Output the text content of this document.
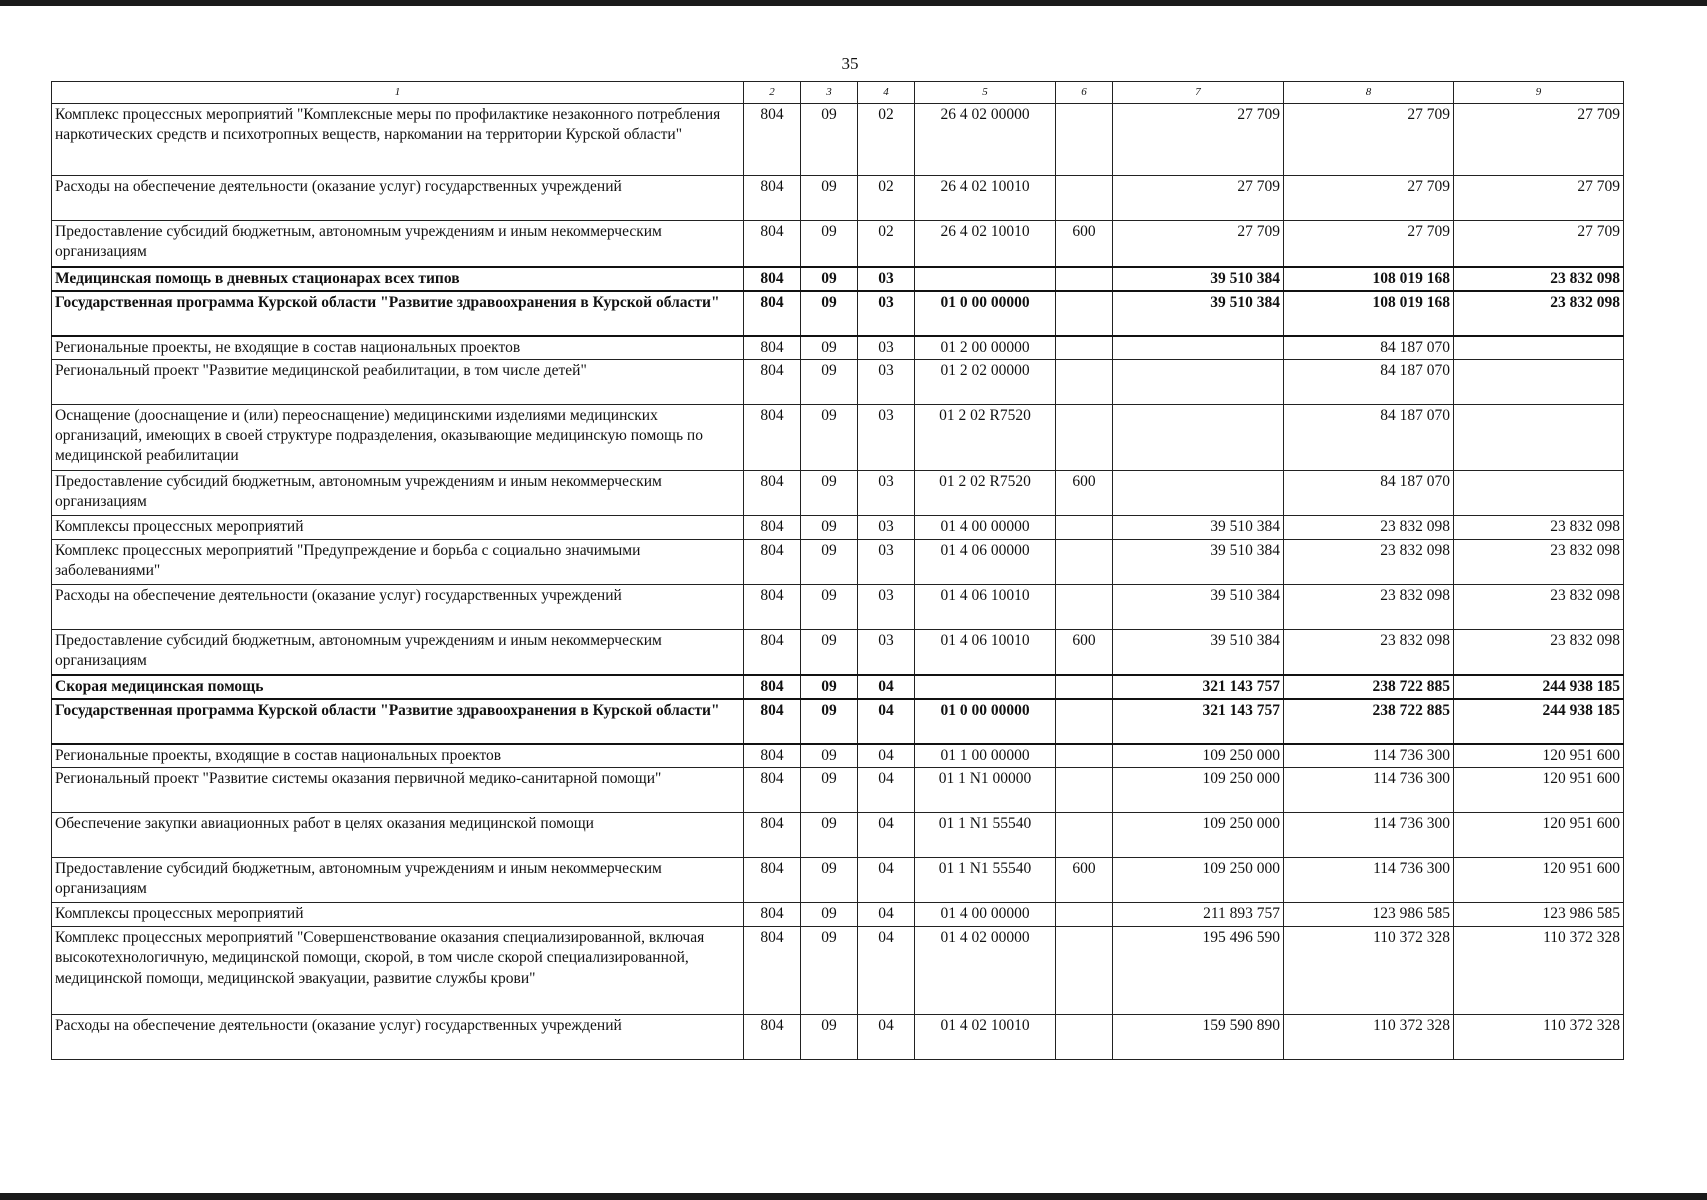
35
1	2	3	4	5	6	7	8	9
Комплекс процессных мероприятий "Комплексные меры по профилактике незаконного потребления наркотических средств и психотропных веществ, наркомании на территории Курской области"	804	09	02	26 4 02 00000		27 709	27 709	27 709
Расходы на обеспечение деятельности (оказание услуг) государственных учреждений	804	09	02	26 4 02 10010		27 709	27 709	27 709
Предоставление субсидий бюджетным, автономным учреждениям и иным некоммерческим организациям	804	09	02	26 4 02 10010	600	27 709	27 709	27 709
Медицинская помощь в дневных стационарах всех типов	804	09	03			39 510 384	108 019 168	23 832 098
Государственная программа Курской области "Развитие здравоохранения в Курской области"	804	09	03	01 0 00 00000		39 510 384	108 019 168	23 832 098
Региональные проекты, не входящие в состав национальных проектов	804	09	03	01 2 00 00000			84 187 070	
Региональный проект "Развитие медицинской реабилитации, в том числе детей"	804	09	03	01 2 02 00000			84 187 070	
Оснащение (дооснащение и (или) переоснащение) медицинскими изделиями медицинских организаций, имеющих в своей структуре подразделения, оказывающие медицинскую помощь по медицинской реабилитации	804	09	03	01 2 02 R7520			84 187 070	
Предоставление субсидий бюджетным, автономным учреждениям и иным некоммерческим организациям	804	09	03	01 2 02 R7520	600		84 187 070	
Комплексы процессных мероприятий	804	09	03	01 4 00 00000		39 510 384	23 832 098	23 832 098
Комплекс процессных мероприятий "Предупреждение и борьба с социально значимыми заболеваниями"	804	09	03	01 4 06 00000		39 510 384	23 832 098	23 832 098
Расходы на обеспечение деятельности (оказание услуг) государственных учреждений	804	09	03	01 4 06 10010		39 510 384	23 832 098	23 832 098
Предоставление субсидий бюджетным, автономным учреждениям и иным некоммерческим организациям	804	09	03	01 4 06 10010	600	39 510 384	23 832 098	23 832 098
Скорая медицинская помощь	804	09	04			321 143 757	238 722 885	244 938 185
Государственная программа Курской области "Развитие здравоохранения в Курской области"	804	09	04	01 0 00 00000		321 143 757	238 722 885	244 938 185
Региональные проекты, входящие в состав национальных проектов	804	09	04	01 1 00 00000		109 250 000	114 736 300	120 951 600
Региональный проект "Развитие системы оказания первичной медико-санитарной помощи"	804	09	04	01 1 N1 00000		109 250 000	114 736 300	120 951 600
Обеспечение закупки авиационных работ в целях оказания медицинской помощи	804	09	04	01 1 N1 55540		109 250 000	114 736 300	120 951 600
Предоставление субсидий бюджетным, автономным учреждениям и иным некоммерческим организациям	804	09	04	01 1 N1 55540	600	109 250 000	114 736 300	120 951 600
Комплексы процессных мероприятий	804	09	04	01 4 00 00000		211 893 757	123 986 585	123 986 585
Комплекс процессных мероприятий "Совершенствование оказания специализированной, включая высокотехнологичную, медицинской помощи, скорой, в том числе скорой специализированной, медицинской помощи, медицинской эвакуации, развитие службы крови"	804	09	04	01 4 02 00000		195 496 590	110 372 328	110 372 328
Расходы на обеспечение деятельности (оказание услуг) государственных учреждений	804	09	04	01 4 02 10010		159 590 890	110 372 328	110 372 328
